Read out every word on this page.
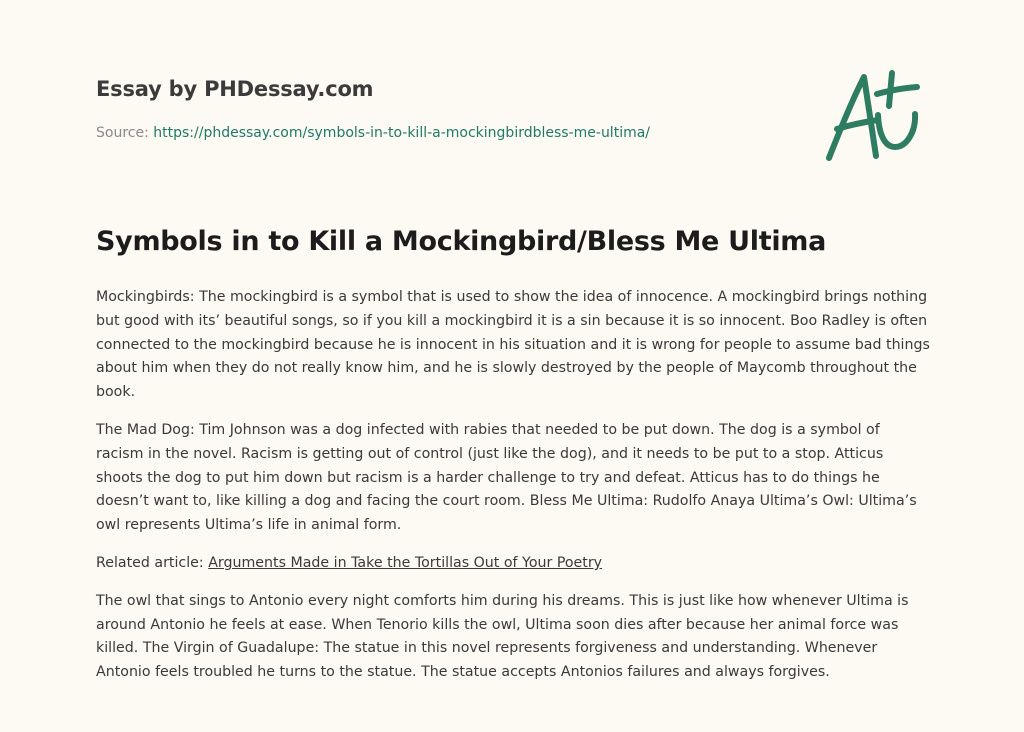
Essay by PHDessay.com
Source: https://phdessay.com/symbols-in-to-kill-a-mockingbirdbless-me-ultima/
Symbols in to Kill a Mockingbird/Bless Me Ultima

Mockingbirds: The mockingbird is a symbol that is used to show the idea of innocence. A mockingbird brings nothing but good with its’ beautiful songs, so if you kill a mockingbird it is a sin because it is so innocent. Boo Radley is often connected to the mockingbird because he is innocent in his situation and it is wrong for people to assume bad things about him when they do not really know him, and he is slowly destroyed by the people of Maycomb throughout the book.

The Mad Dog: Tim Johnson was a dog infected with rabies that needed to be put down. The dog is a symbol of racism in the novel. Racism is getting out of control (just like the dog), and it needs to be put to a stop. Atticus shoots the dog to put him down but racism is a harder challenge to try and defeat. Atticus has to do things he doesn’t want to, like killing a dog and facing the court room. Bless Me Ultima: Rudolfo Anaya Ultima’s Owl: Ultima’s owl represents Ultima’s life in animal form.

Related article: Arguments Made in Take the Tortillas Out of Your Poetry

The owl that sings to Antonio every night comforts him during his dreams. This is just like how whenever Ultima is around Antonio he feels at ease. When Tenorio kills the owl, Ultima soon dies after because her animal force was killed. The Virgin of Guadalupe: The statue in this novel represents forgiveness and understanding. Whenever Antonio feels troubled he turns to the statue. The statue accepts Antonios failures and always forgives.
